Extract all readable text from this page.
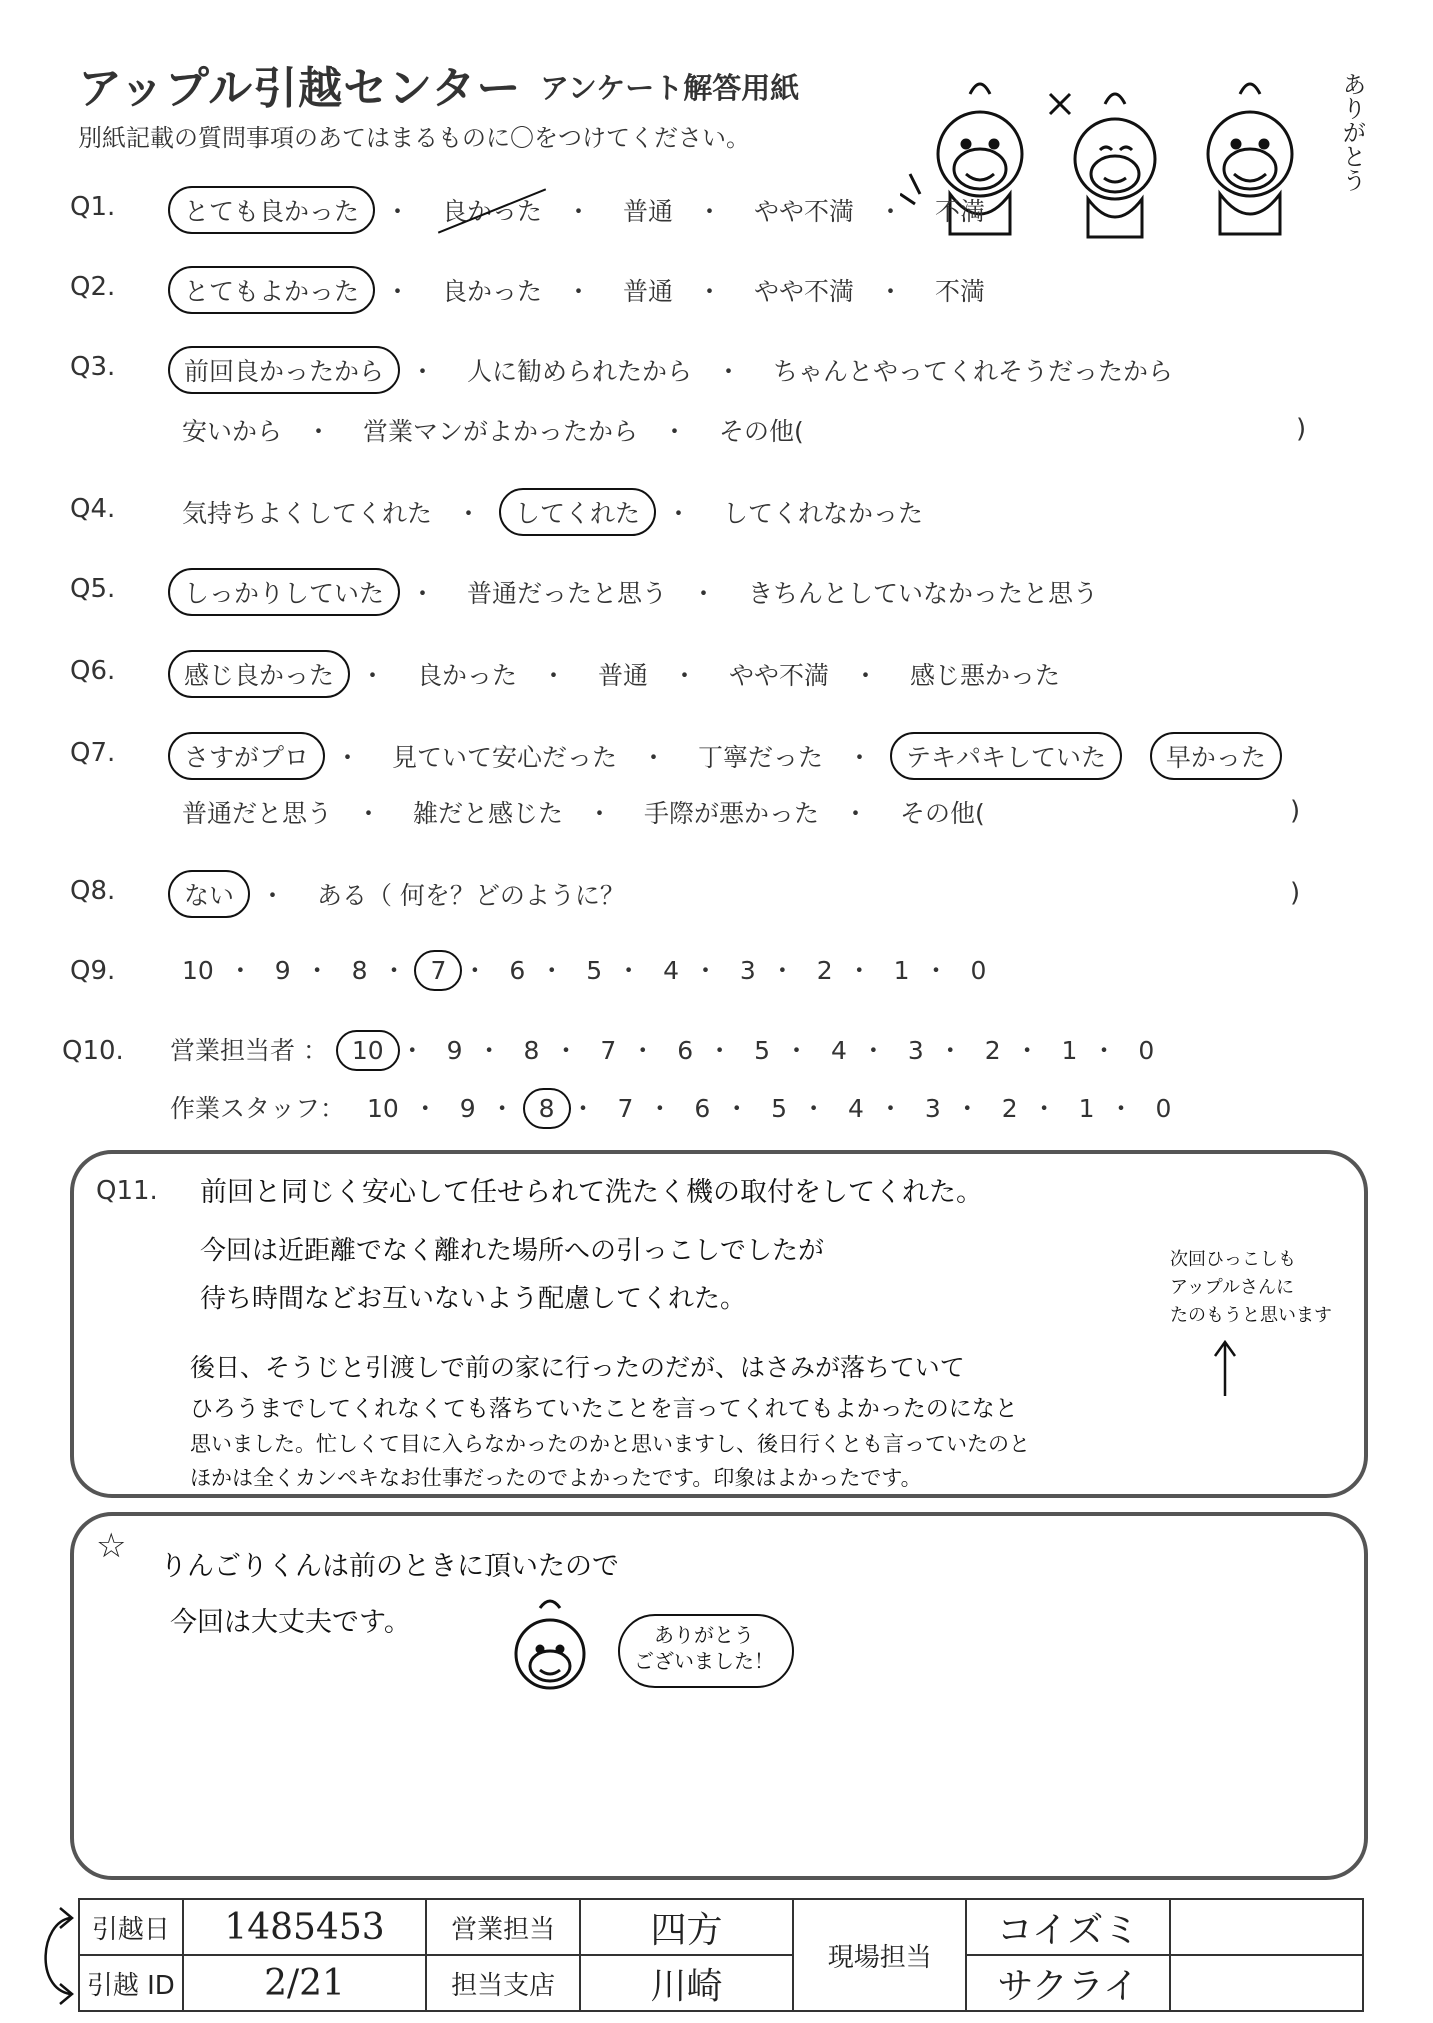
アップル引越センター アンケート解答用紙
別紙記載の質問事項のあてはまるものに〇をつけてください。	ありがとう
Q1.	とても良かった ・ 良かった ・ 普通 ・ やや不満 ・ 不満
Q2.	とてもよかった ・ 良かった ・ 普通 ・ やや不満 ・ 不満
Q3.	前回良かったから ・ 人に勧められたから ・ ちゃんとやってくれそうだったから
安いから ・ 営業マンがよかったから ・ その他(	)
Q4.	気持ちよくしてくれた ・ してくれた ・ してくれなかった
Q5.	しっかりしていた ・ 普通だったと思う ・ きちんとしていなかったと思う
Q6.	感じ良かった ・ 良かった ・ 普通 ・ やや不満 ・ 感じ悪かった
Q7.	さすがプロ ・ 見ていて安心だった ・ 丁寧だった ・ テキパキしていた 早かった
普通だと思う ・ 雑だと感じた ・ 手際が悪かった ・ その他(	)
Q8.	ない ・ ある（ 何を？どのように？	)
Q9.	10 ・ 9 ・ 8 ・ 7 ・ 6 ・ 5 ・ 4 ・ 3 ・ 2 ・ 1 ・ 0
Q10. 営業担当者 ： 10 ・ 9 ・ 8 ・ 7 ・ 6 ・ 5 ・ 4 ・ 3 ・ 2 ・ 1 ・ 0
作業スタッフ： 10 ・ 9 ・ 8 ・ 7 ・ 6 ・ 5 ・ 4 ・ 3 ・ 2 ・ 1 ・ 0
Q11. 前回と同じく安心して任せられて洗たく機の取付をしてくれた。
今回は近距離でなく離れた場所への引っこしでしたが
待ち時間などお互いないよう配慮してくれた。
後日、そうじと引渡しで前の家に行ったのだが、はさみが落ちていて
ひろうまでしてくれなくても落ちていたことを言ってくれてもよかったのになと
思いました。忙しくて目に入らなかったのかと思いますし、後日行くとも言っていたのと
ほかは全くカンペキなお仕事だったのでよかったです。印象はよかったです。
次回ひっこしも
アップルさんに
たのもうと思います
☆
りんごりくんは前のときに頂いたので
今回は大丈夫です。	ありがとう
ございました！
引越日	1485453	営業担当	四方	現場担当	コイズミ	
引越 ID	2/21	担当支店	川崎		サクライ	
